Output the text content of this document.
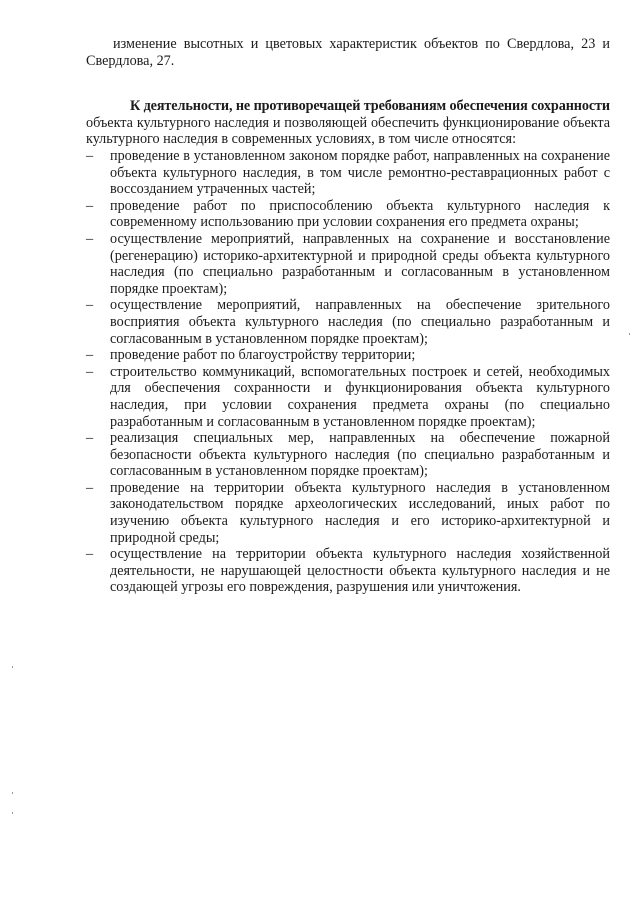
изменение высотных и цветовых характеристик объектов по Свердлова, 23 и Свердлова, 27.
К деятельности, не противоречащей требованиям обеспечения сохранности
объекта культурного наследия и позволяющей обеспечить функционирование объекта культурного наследия в современных условиях, в том числе относятся:
–	проведение в установленном законом порядке работ, направленных на сохранение объекта культурного наследия, в том числе ремонтно-реставрационных работ с воссозданием утраченных частей;
–	проведение работ по приспособлению объекта культурного наследия к современному использованию при условии сохранения его предмета охраны;
–	осуществление мероприятий, направленных на сохранение и восстановление (регенерацию) историко-архитектурной и природной среды объекта культурного наследия (по специально разработанным и согласованным в установленном порядке проектам);
–	осуществление мероприятий, направленных на обеспечение зрительного восприятия объекта культурного наследия (по специально разработанным и согласованным в установленном порядке проектам);
–	проведение работ по благоустройству территории;
–	строительство коммуникаций, вспомогательных построек и сетей, необходимых для обеспечения сохранности и функционирования объекта культурного наследия, при условии сохранения предмета охраны (по специально разработанным и согласованным в установленном порядке проектам);
–	реализация специальных мер, направленных на обеспечение пожарной безопасности объекта культурного наследия (по специально разработанным и согласованным в установленном порядке проектам);
–	проведение на территории объекта культурного наследия в установленном законодательством порядке археологических исследований, иных работ по изучению объекта культурного наследия и его историко-архитектурной и природной среды;
–	осуществление на территории объекта культурного наследия хозяйственной деятельности, не нарушающей целостности объекта культурного наследия и не создающей угрозы его повреждения, разрушения или уничтожения.
